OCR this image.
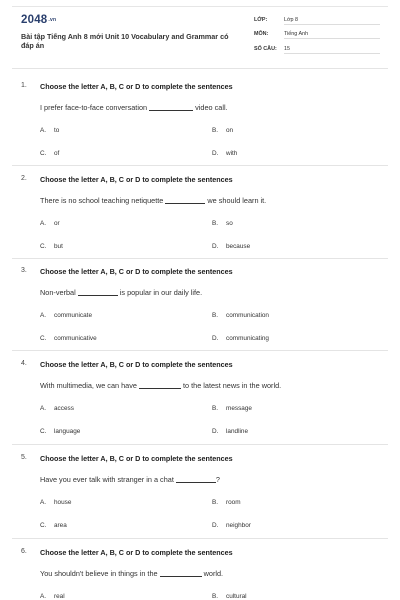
2048.vn
Bài tập Tiếng Anh 8 mới Unit 10 Vocabulary and Grammar có đáp án
LỚP:	Lớp 8
MÔN:	Tiếng Anh
SỐ CÂU: 15
1. Choose the letter A, B, C or D to complete the sentences
I prefer face-to-face conversation	video call.
A. to	B. on
C. of	D. with
2. Choose the letter A, B, C or D to complete the sentences
There is no school teaching netiquette	we should learn it.
A. or	B. so
C. but	D. because
3. Choose the letter A, B, C or D to complete the sentences
Non-verbal	is popular in our daily life.
A. communicate	B. communication
C. communicative	D. communicating
4. Choose the letter A, B, C or D to complete the sentences
With multimedia, we can have	to the latest news in the world.
A. access	B. message
C. language	D. landline
5. Choose the letter A, B, C or D to complete the sentences
Have you ever talk with stranger in a chat	?
A. house	B. room
C. area	D. neighbor
6. Choose the letter A, B, C or D to complete the sentences
You shouldn't believe in things in the	world.
A. real	B. cultural
